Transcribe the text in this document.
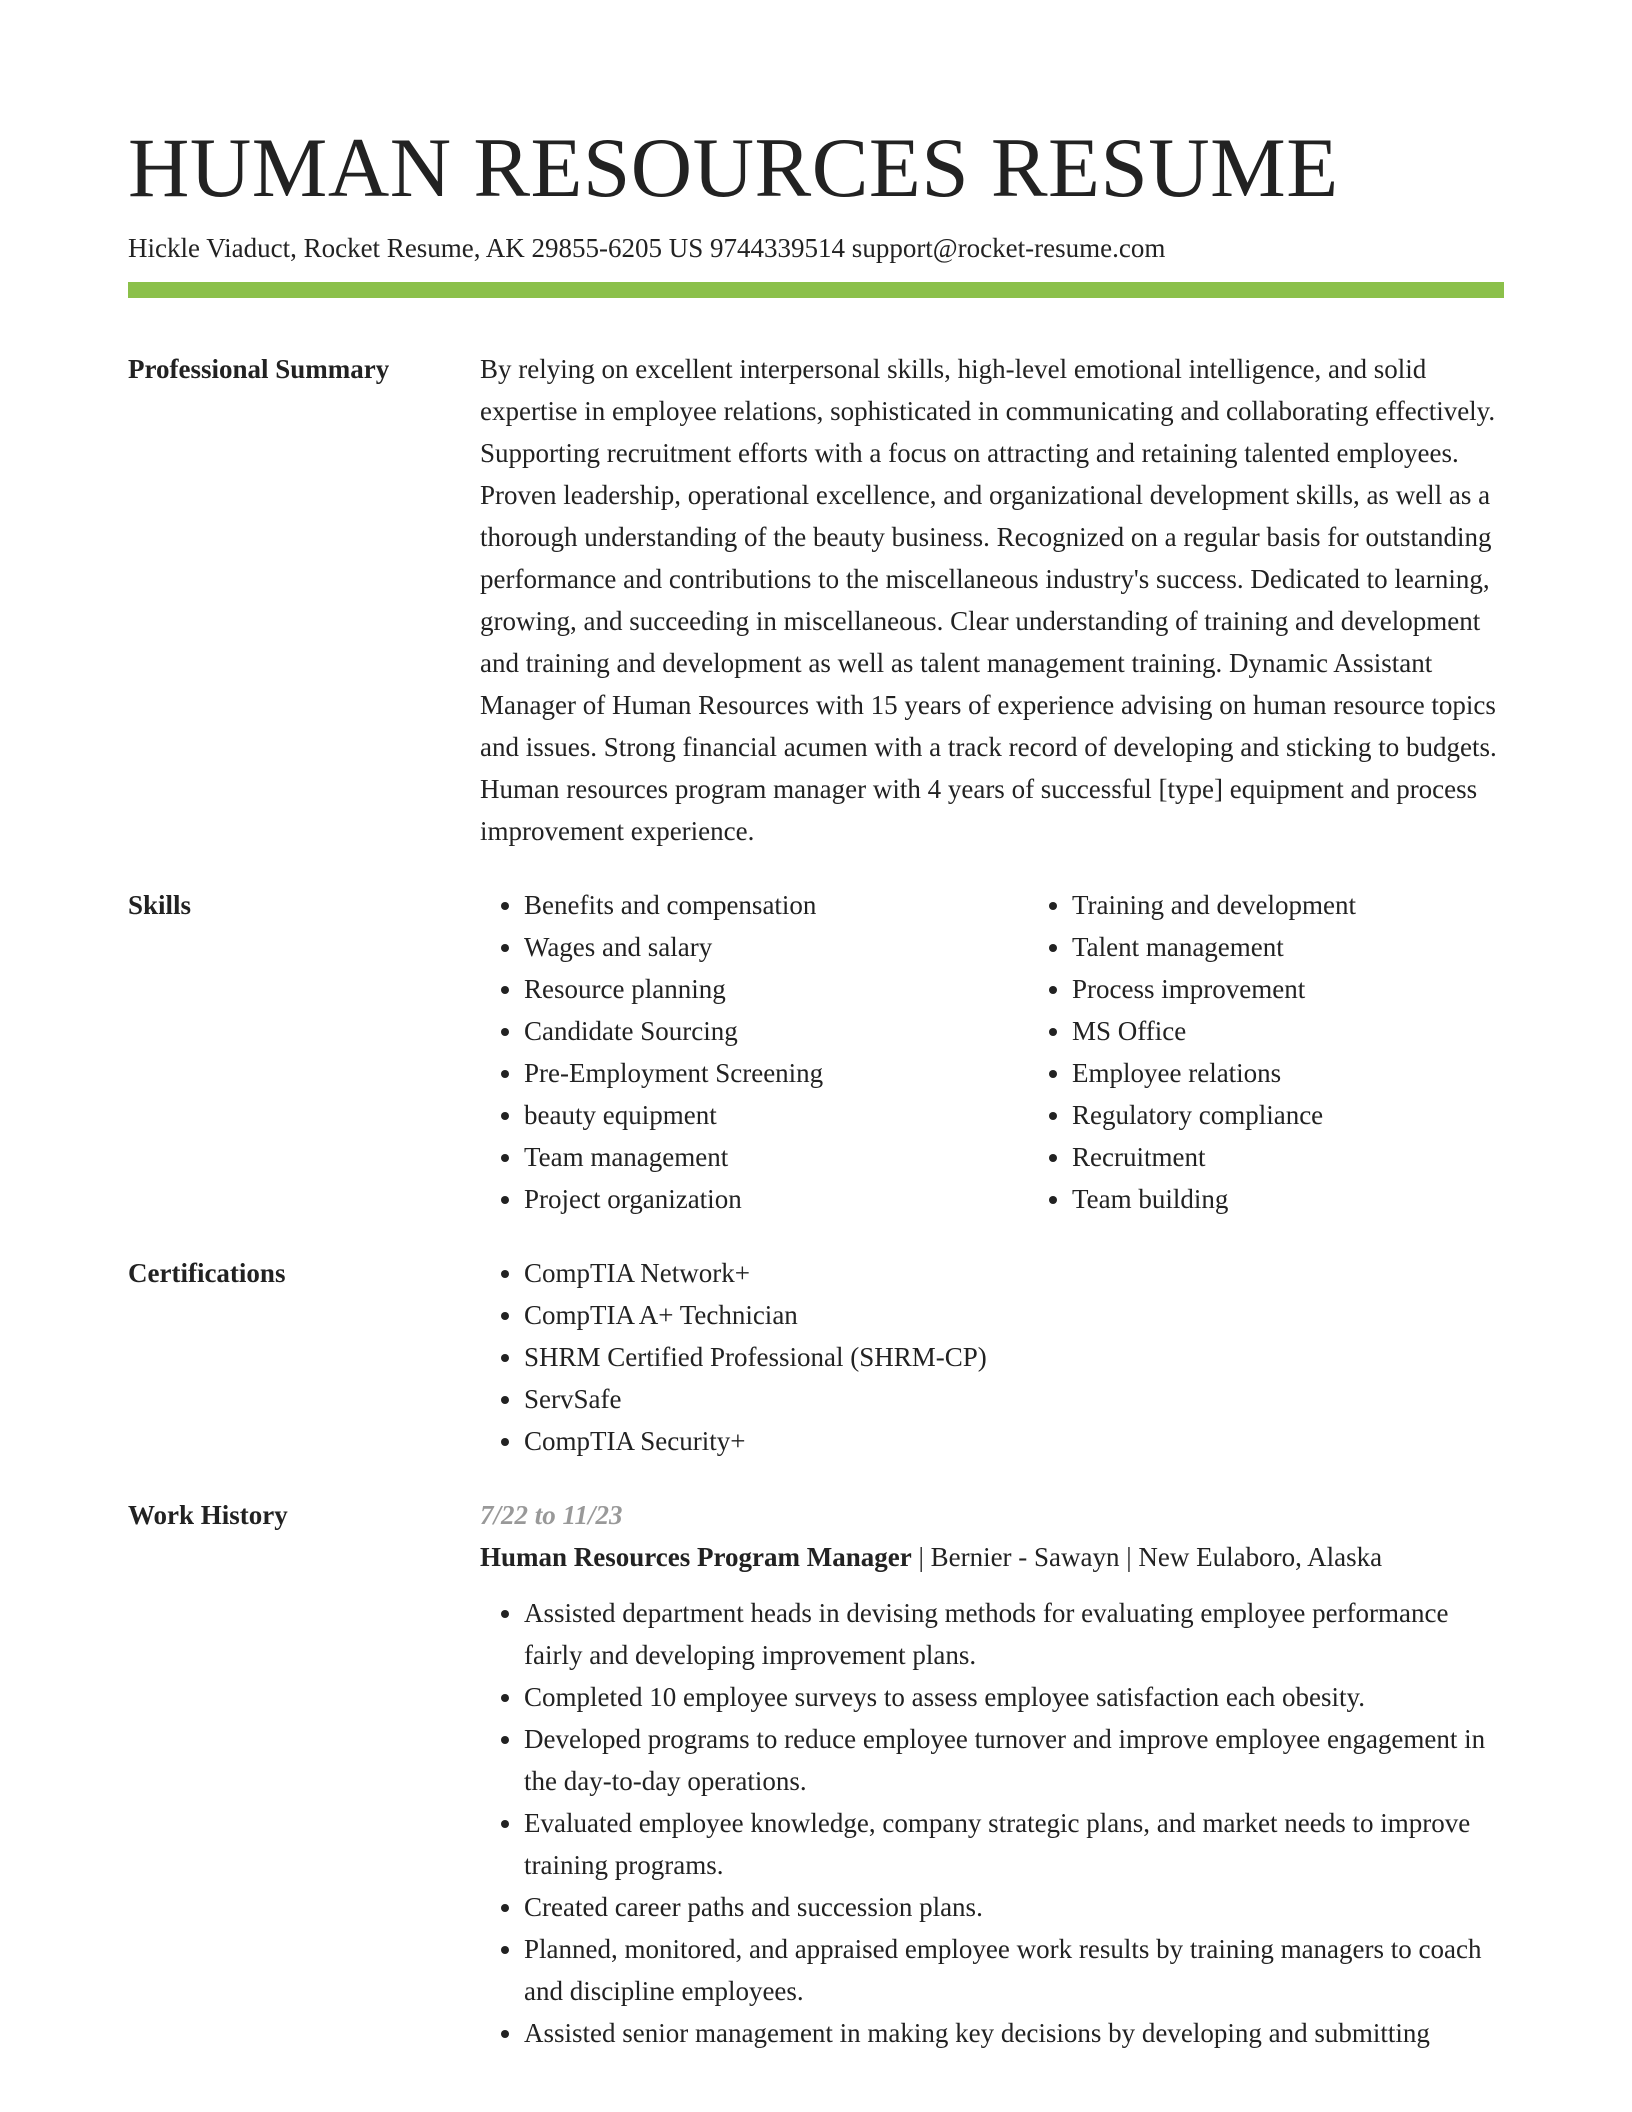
HUMAN RESOURCES RESUME
Hickle Viaduct, Rocket Resume, AK 29855-6205 US 9744339514 support@rocket-resume.com
Professional Summary	By relying on excellent interpersonal skills, high-level emotional intelligence, and solid expertise in employee relations, sophisticated in communicating and collaborating effectively. Supporting recruitment efforts with a focus on attracting and retaining talented employees. Proven leadership, operational excellence, and organizational development skills, as well as a thorough understanding of the beauty business. Recognized on a regular basis for outstanding performance and contributions to the miscellaneous industry's success. Dedicated to learning, growing, and succeeding in miscellaneous. Clear understanding of training and development and training and development as well as talent management training. Dynamic Assistant Manager of Human Resources with 15 years of experience advising on human resource topics and issues. Strong financial acumen with a track record of developing and sticking to budgets. Human resources program manager with 4 years of successful [type] equipment and process improvement experience.

Skills	• Benefits and compensation
• Wages and salary
• Resource planning
• Candidate Sourcing
• Pre-Employment Screening
• beauty equipment
• Team management
• Project organization
• Training and development
• Talent management
• Process improvement
• MS Office
• Employee relations
• Regulatory compliance
• Recruitment
• Team building
Certifications	• CompTIA Network+
• CompTIA A+ Technician
• SHRM Certified Professional (SHRM-CP)
• ServSafe
• CompTIA Security+
Work History	7/22 to 11/23
Human Resources Program Manager | Bernier - Sawayn | New Eulaboro, Alaska
• Assisted department heads in devising methods for evaluating employee performance fairly and developing improvement plans.
• Completed 10 employee surveys to assess employee satisfaction each obesity.
• Developed programs to reduce employee turnover and improve employee engagement in the day-to-day operations.
• Evaluated employee knowledge, company strategic plans, and market needs to improve training programs.
• Created career paths and succession plans.
• Planned, monitored, and appraised employee work results by training managers to coach and discipline employees.
• Assisted senior management in making key decisions by developing and submitting
